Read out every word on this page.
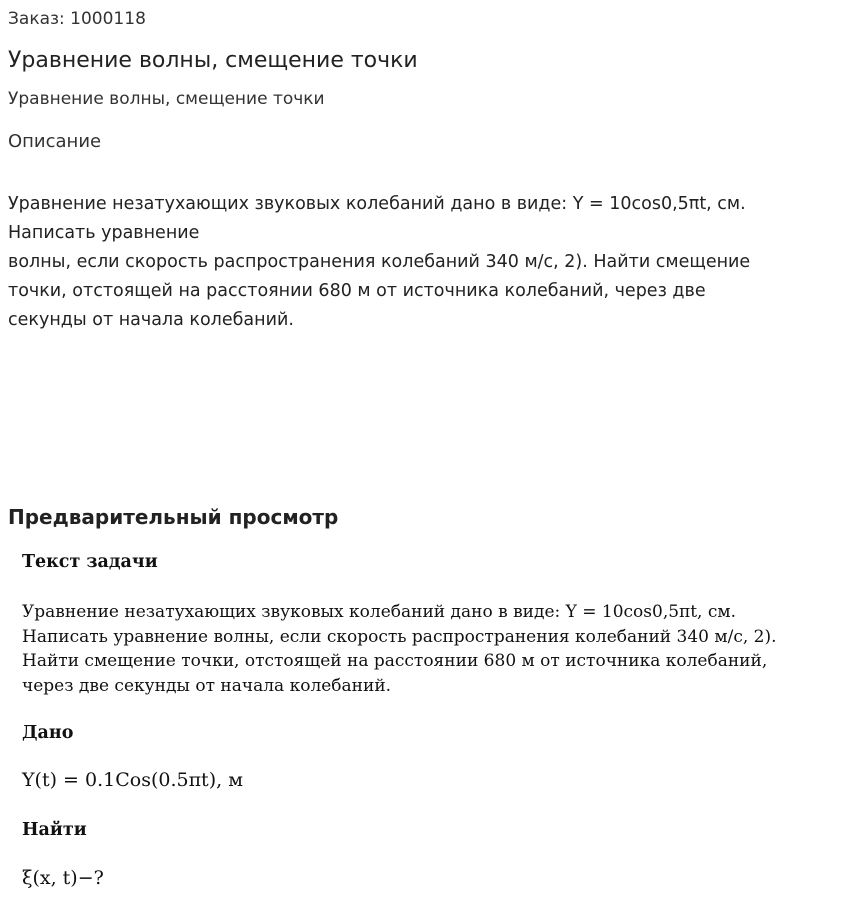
Заказ: 1000118
Уравнение волны, смещение точки
Уравнение волны, смещение точки
Описание
Уравнение незатухающих звуковых колебаний дано в виде: Y = 10cos0,5πt, см.
Написать уравнение
волны, если скорость распространения колебаний 340 м/с, 2). Найти смещение
точки, отстоящей на расстоянии 680 м от источника колебаний, через две
секунды от начала колебаний.
Предварительный просмотр
Текст задачи
Уравнение незатухающих звуковых колебаний дано в виде: Y = 10cos0,5πt, см.
Написать уравнение волны, если скорость распространения колебаний 340 м/с, 2).
Найти смещение точки, отстоящей на расстоянии 680 м от источника колебаний,
через две секунды от начала колебаний.
Дано
Y(t) = 0.1Cos(0.5πt), м
Найти
ξ(x, t)−?
